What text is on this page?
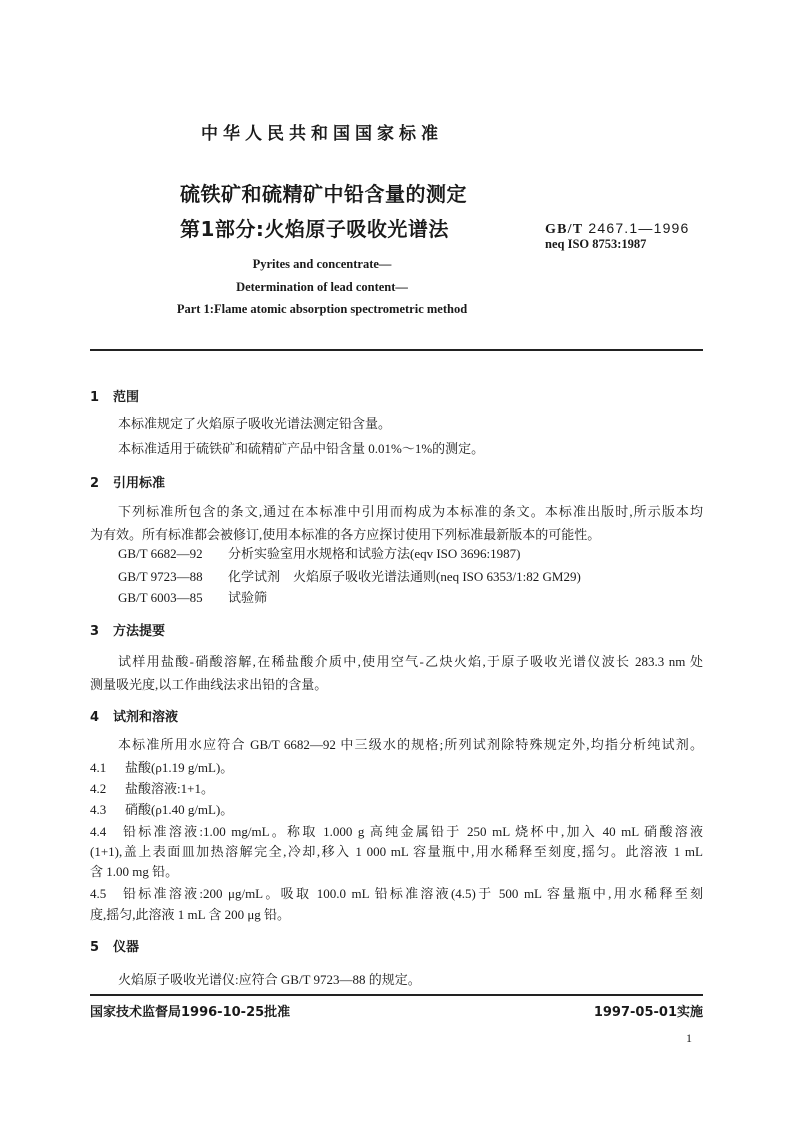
中华人民共和国国家标准
硫铁矿和硫精矿中铅含量的测定
第1部分:火焰原子吸收光谱法	GB/T 2467.1—1996
neq ISO 8753:1987
Pyrites and concentrate—
Determination of lead content—
Part 1:Flame atomic absorption spectrometric method
1 范围
本标准规定了火焰原子吸收光谱法测定铅含量。
本标准适用于硫铁矿和硫精矿产品中铅含量 0.01%～1%的测定。
2 引用标准
下列标准所包含的条文,通过在本标准中引用而构成为本标准的条文。本标准出版时,所示版本均
为有效。所有标准都会被修订,使用本标准的各方应探讨使用下列标准最新版本的可能性。
GB/T 6682—92 分析实验室用水规格和试验方法(eqv ISO 3696:1987)
GB/T 9723—88 化学试剂　火焰原子吸收光谱法通则(neq ISO 6353/1:82 GM29)
GB/T 6003—85 试验筛
3 方法提要
试样用盐酸-硝酸溶解,在稀盐酸介质中,使用空气-乙炔火焰,于原子吸收光谱仪波长 283.3 nm 处
测量吸光度,以工作曲线法求出铅的含量。
4 试剂和溶液
本标准所用水应符合 GB/T 6682—92 中三级水的规格;所列试剂除特殊规定外,均指分析纯试剂。
4.1 盐酸(ρ1.19 g/mL)。
4.2 盐酸溶液:1+1。
4.3 硝酸(ρ1.40 g/mL)。
4.4 铅标准溶液:1.00 mg/mL。称取 1.000 g 高纯金属铅于 250 mL 烧杯中,加入 40 mL 硝酸溶液
(1+1),盖上表面皿加热溶解完全,冷却,移入 1 000 mL 容量瓶中,用水稀释至刻度,摇匀。此溶液 1 mL
含 1.00 mg 铅。
4.5 铅标准溶液:200 μg/mL。吸取 100.0 mL 铅标准溶液(4.5)于 500 mL 容量瓶中,用水稀释至刻
度,摇匀,此溶液 1 mL 含 200 μg 铅。
5 仪器
火焰原子吸收光谱仪:应符合 GB/T 9723—88 的规定。
国家技术监督局1996-10-25批准	1997-05-01实施
1
